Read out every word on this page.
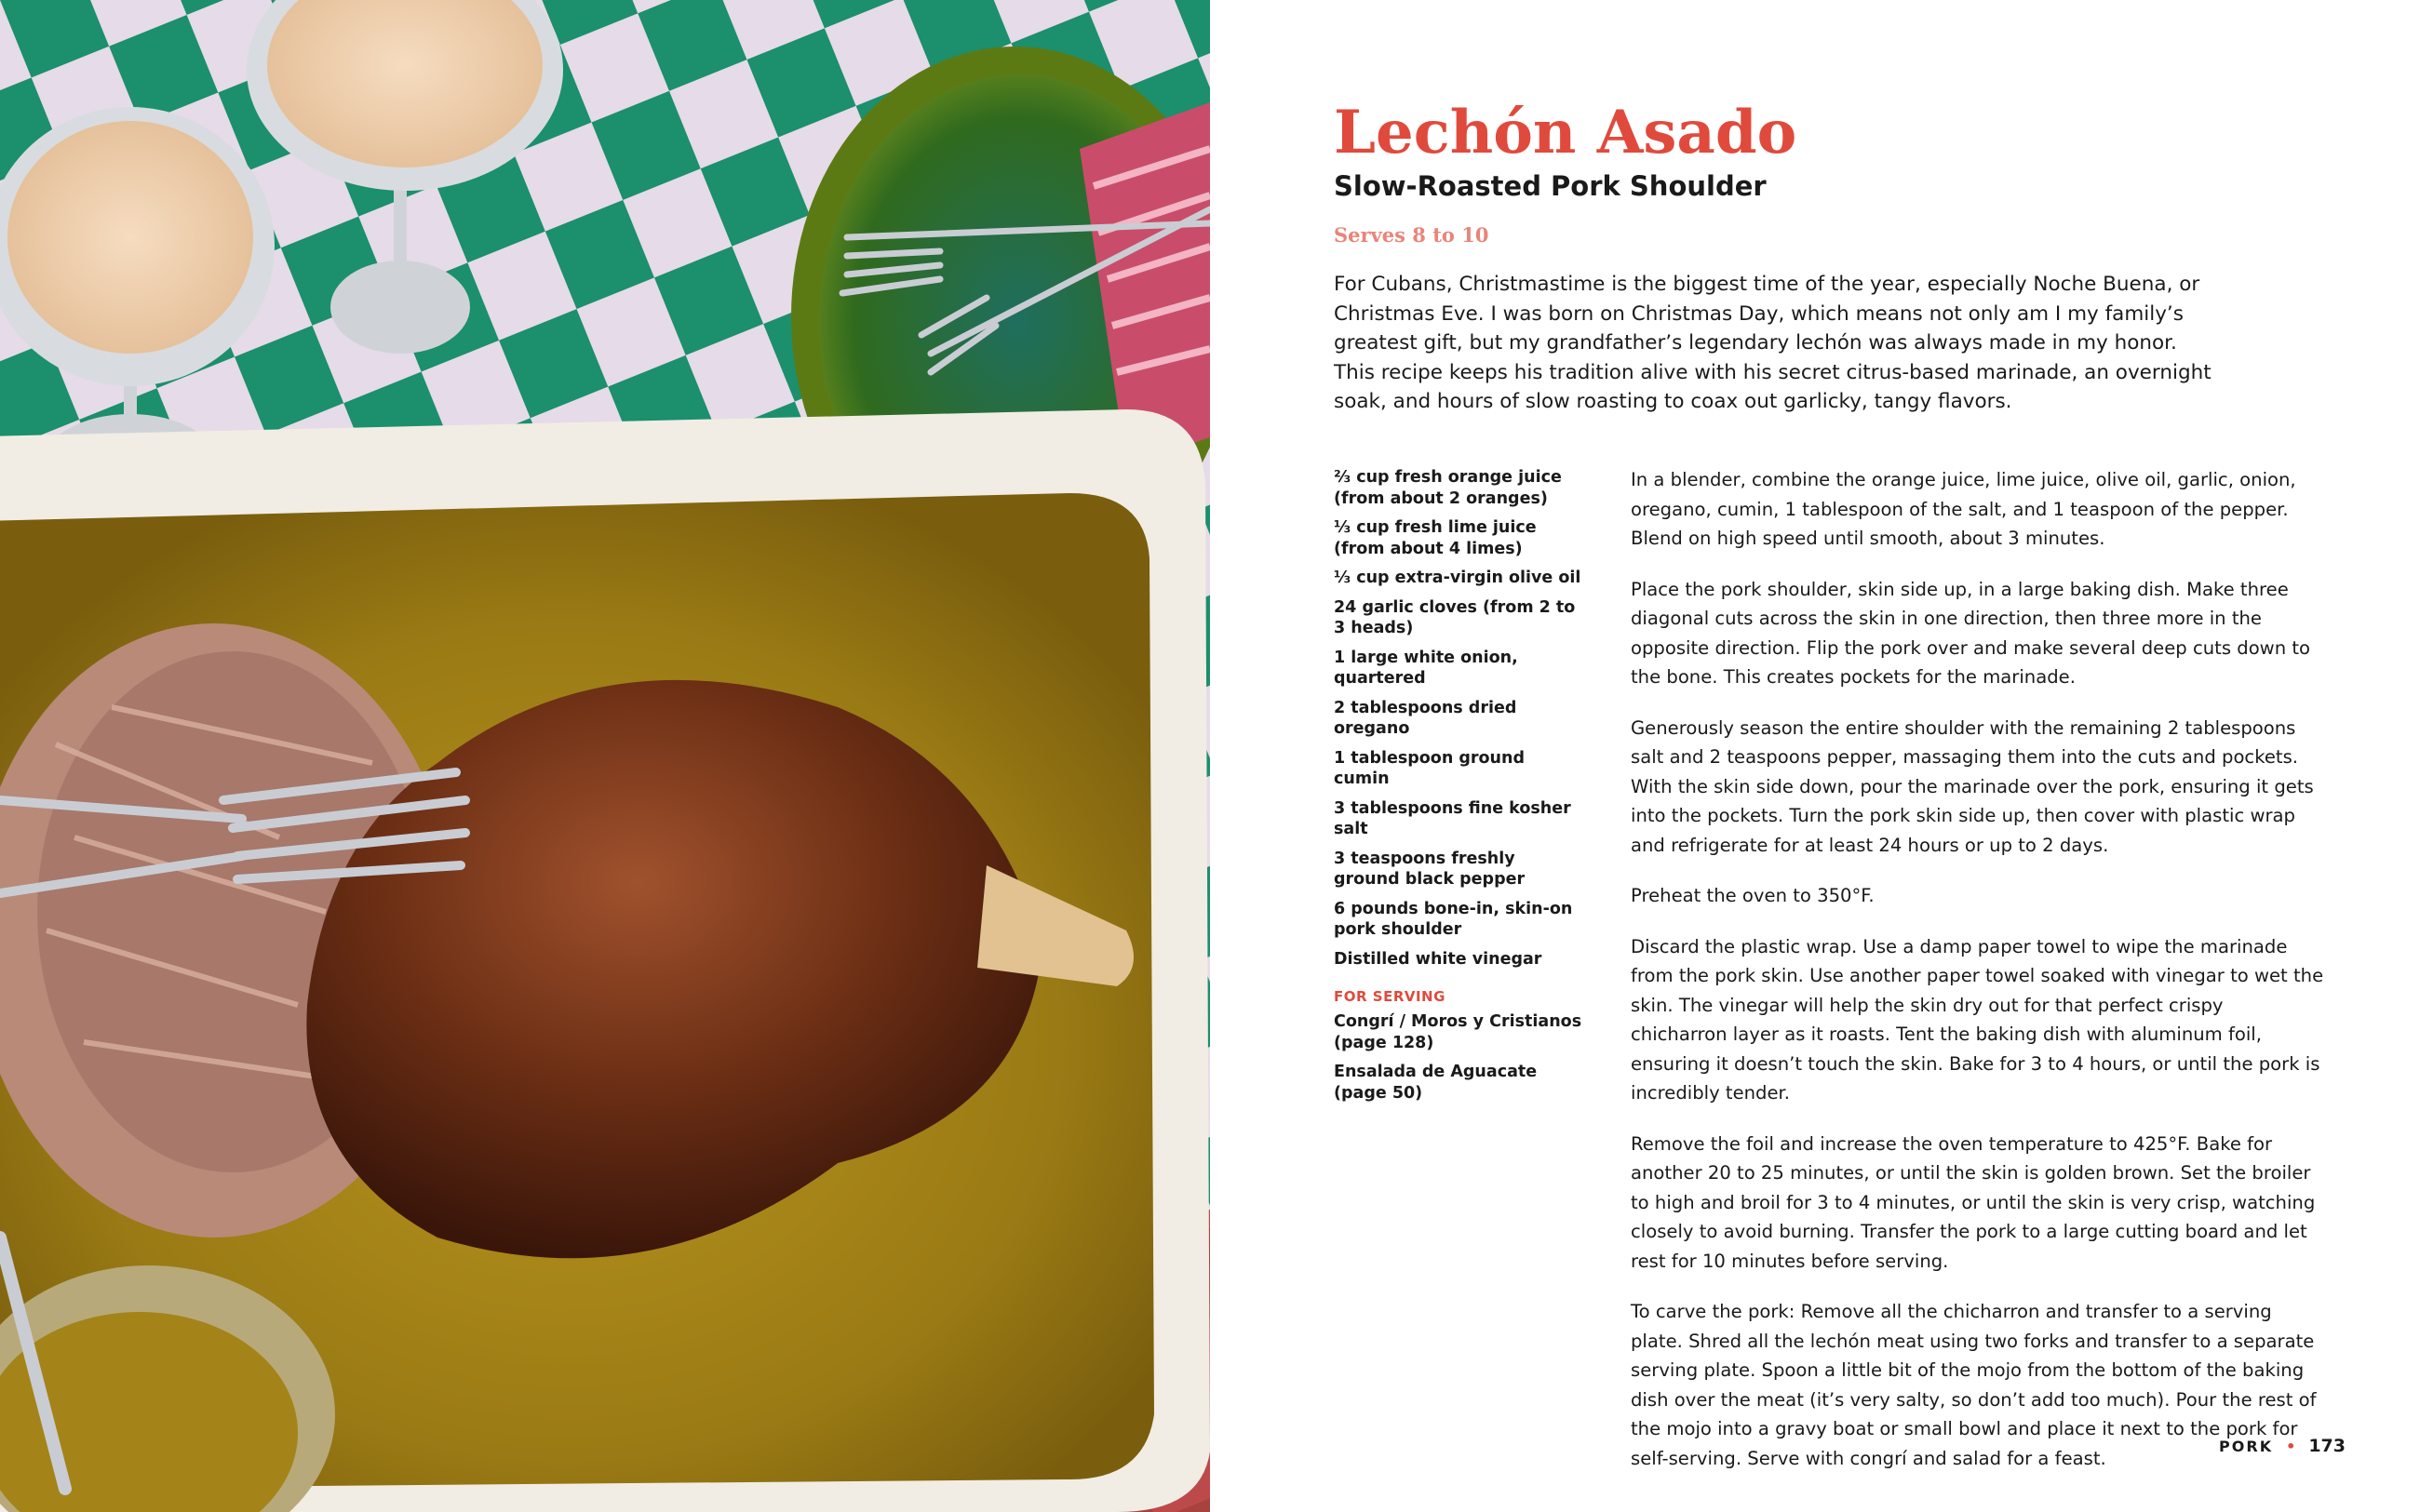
Lechón Asado
Slow-Roasted Pork Shoulder
Serves 8 to 10

For Cubans, Christmastime is the biggest time of the year, especially Noche Buena, or Christmas Eve. I was born on Christmas Day, which means not only am I my family’s greatest gift, but my grandfather’s legendary lechón was always made in my honor. This recipe keeps his tradition alive with his secret citrus-based marinade, an overnight soak, and hours of slow roasting to coax out garlicky, tangy flavors.

⅔ cup fresh orange juice (from about 2 oranges)
⅓ cup fresh lime juice (from about 4 limes)
⅓ cup extra-virgin olive oil
24 garlic cloves (from 2 to 3 heads)
1 large white onion, quartered
2 tablespoons dried oregano
1 tablespoon ground cumin
3 tablespoons fine kosher salt
3 teaspoons freshly ground black pepper
6 pounds bone-in, skin-on pork shoulder
Distilled white vinegar
FOR SERVING
Congrí / Moros y Cristianos (page 128)
Ensalada de Aguacate (page 50)

In a blender, combine the orange juice, lime juice, olive oil, garlic, onion, oregano, cumin, 1 tablespoon of the salt, and 1 teaspoon of the pepper. Blend on high speed until smooth, about 3 minutes.

Place the pork shoulder, skin side up, in a large baking dish. Make three diagonal cuts across the skin in one direction, then three more in the opposite direction. Flip the pork over and make several deep cuts down to the bone. This creates pockets for the marinade.

Generously season the entire shoulder with the remaining 2 tablespoons salt and 2 teaspoons pepper, massaging them into the cuts and pockets. With the skin side down, pour the marinade over the pork, ensuring it gets into the pockets. Turn the pork skin side up, then cover with plastic wrap and refrigerate for at least 24 hours or up to 2 days.

Preheat the oven to 350°F.

Discard the plastic wrap. Use a damp paper towel to wipe the marinade from the pork skin. Use another paper towel soaked with vinegar to wet the skin. The vinegar will help the skin dry out for that perfect crispy chicharron layer as it roasts. Tent the baking dish with aluminum foil, ensuring it doesn’t touch the skin. Bake for 3 to 4 hours, or until the pork is incredibly tender.

Remove the foil and increase the oven temperature to 425°F. Bake for another 20 to 25 minutes, or until the skin is golden brown. Set the broiler to high and broil for 3 to 4 minutes, or until the skin is very crisp, watching closely to avoid burning. Transfer the pork to a large cutting board and let rest for 10 minutes before serving.

To carve the pork: Remove all the chicharron and transfer to a serving plate. Shred all the lechón meat using two forks and transfer to a separate serving plate. Spoon a little bit of the mojo from the bottom of the baking dish over the meat (it’s very salty, so don’t add too much). Pour the rest of the mojo into a gravy boat or small bowl and place it next to the pork for self-serving. Serve with congrí and salad for a feast.

PORK • 173
